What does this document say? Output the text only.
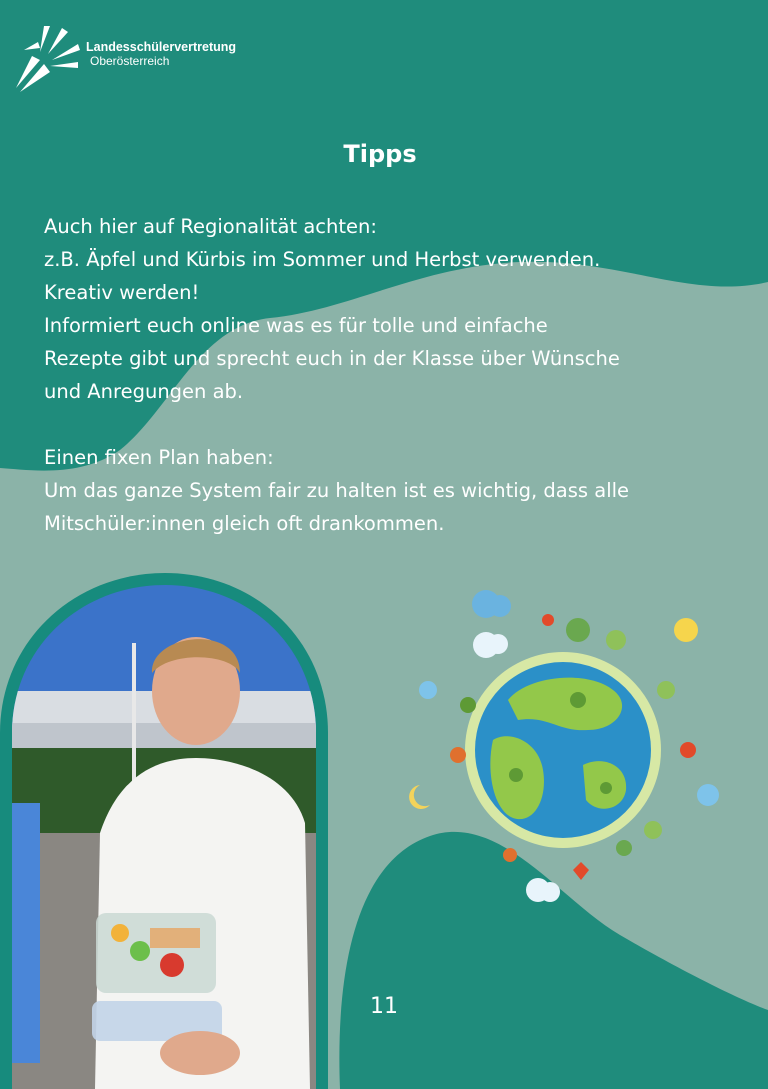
Landesschülervertretung
Oberösterreich
Tipps

Auch hier auf Regionalität achten:

z.B. Äpfel und Kürbis im Sommer und Herbst verwenden.

Kreativ werden!

Informiert euch online was es für tolle und einfache

Rezepte gibt und sprecht euch in der Klasse über Wünsche

und Anregungen ab.

Einen fixen Plan haben:

Um das ganze System fair zu halten ist es wichtig, dass alle

Mitschüler:innen gleich oft drankommen.

11
